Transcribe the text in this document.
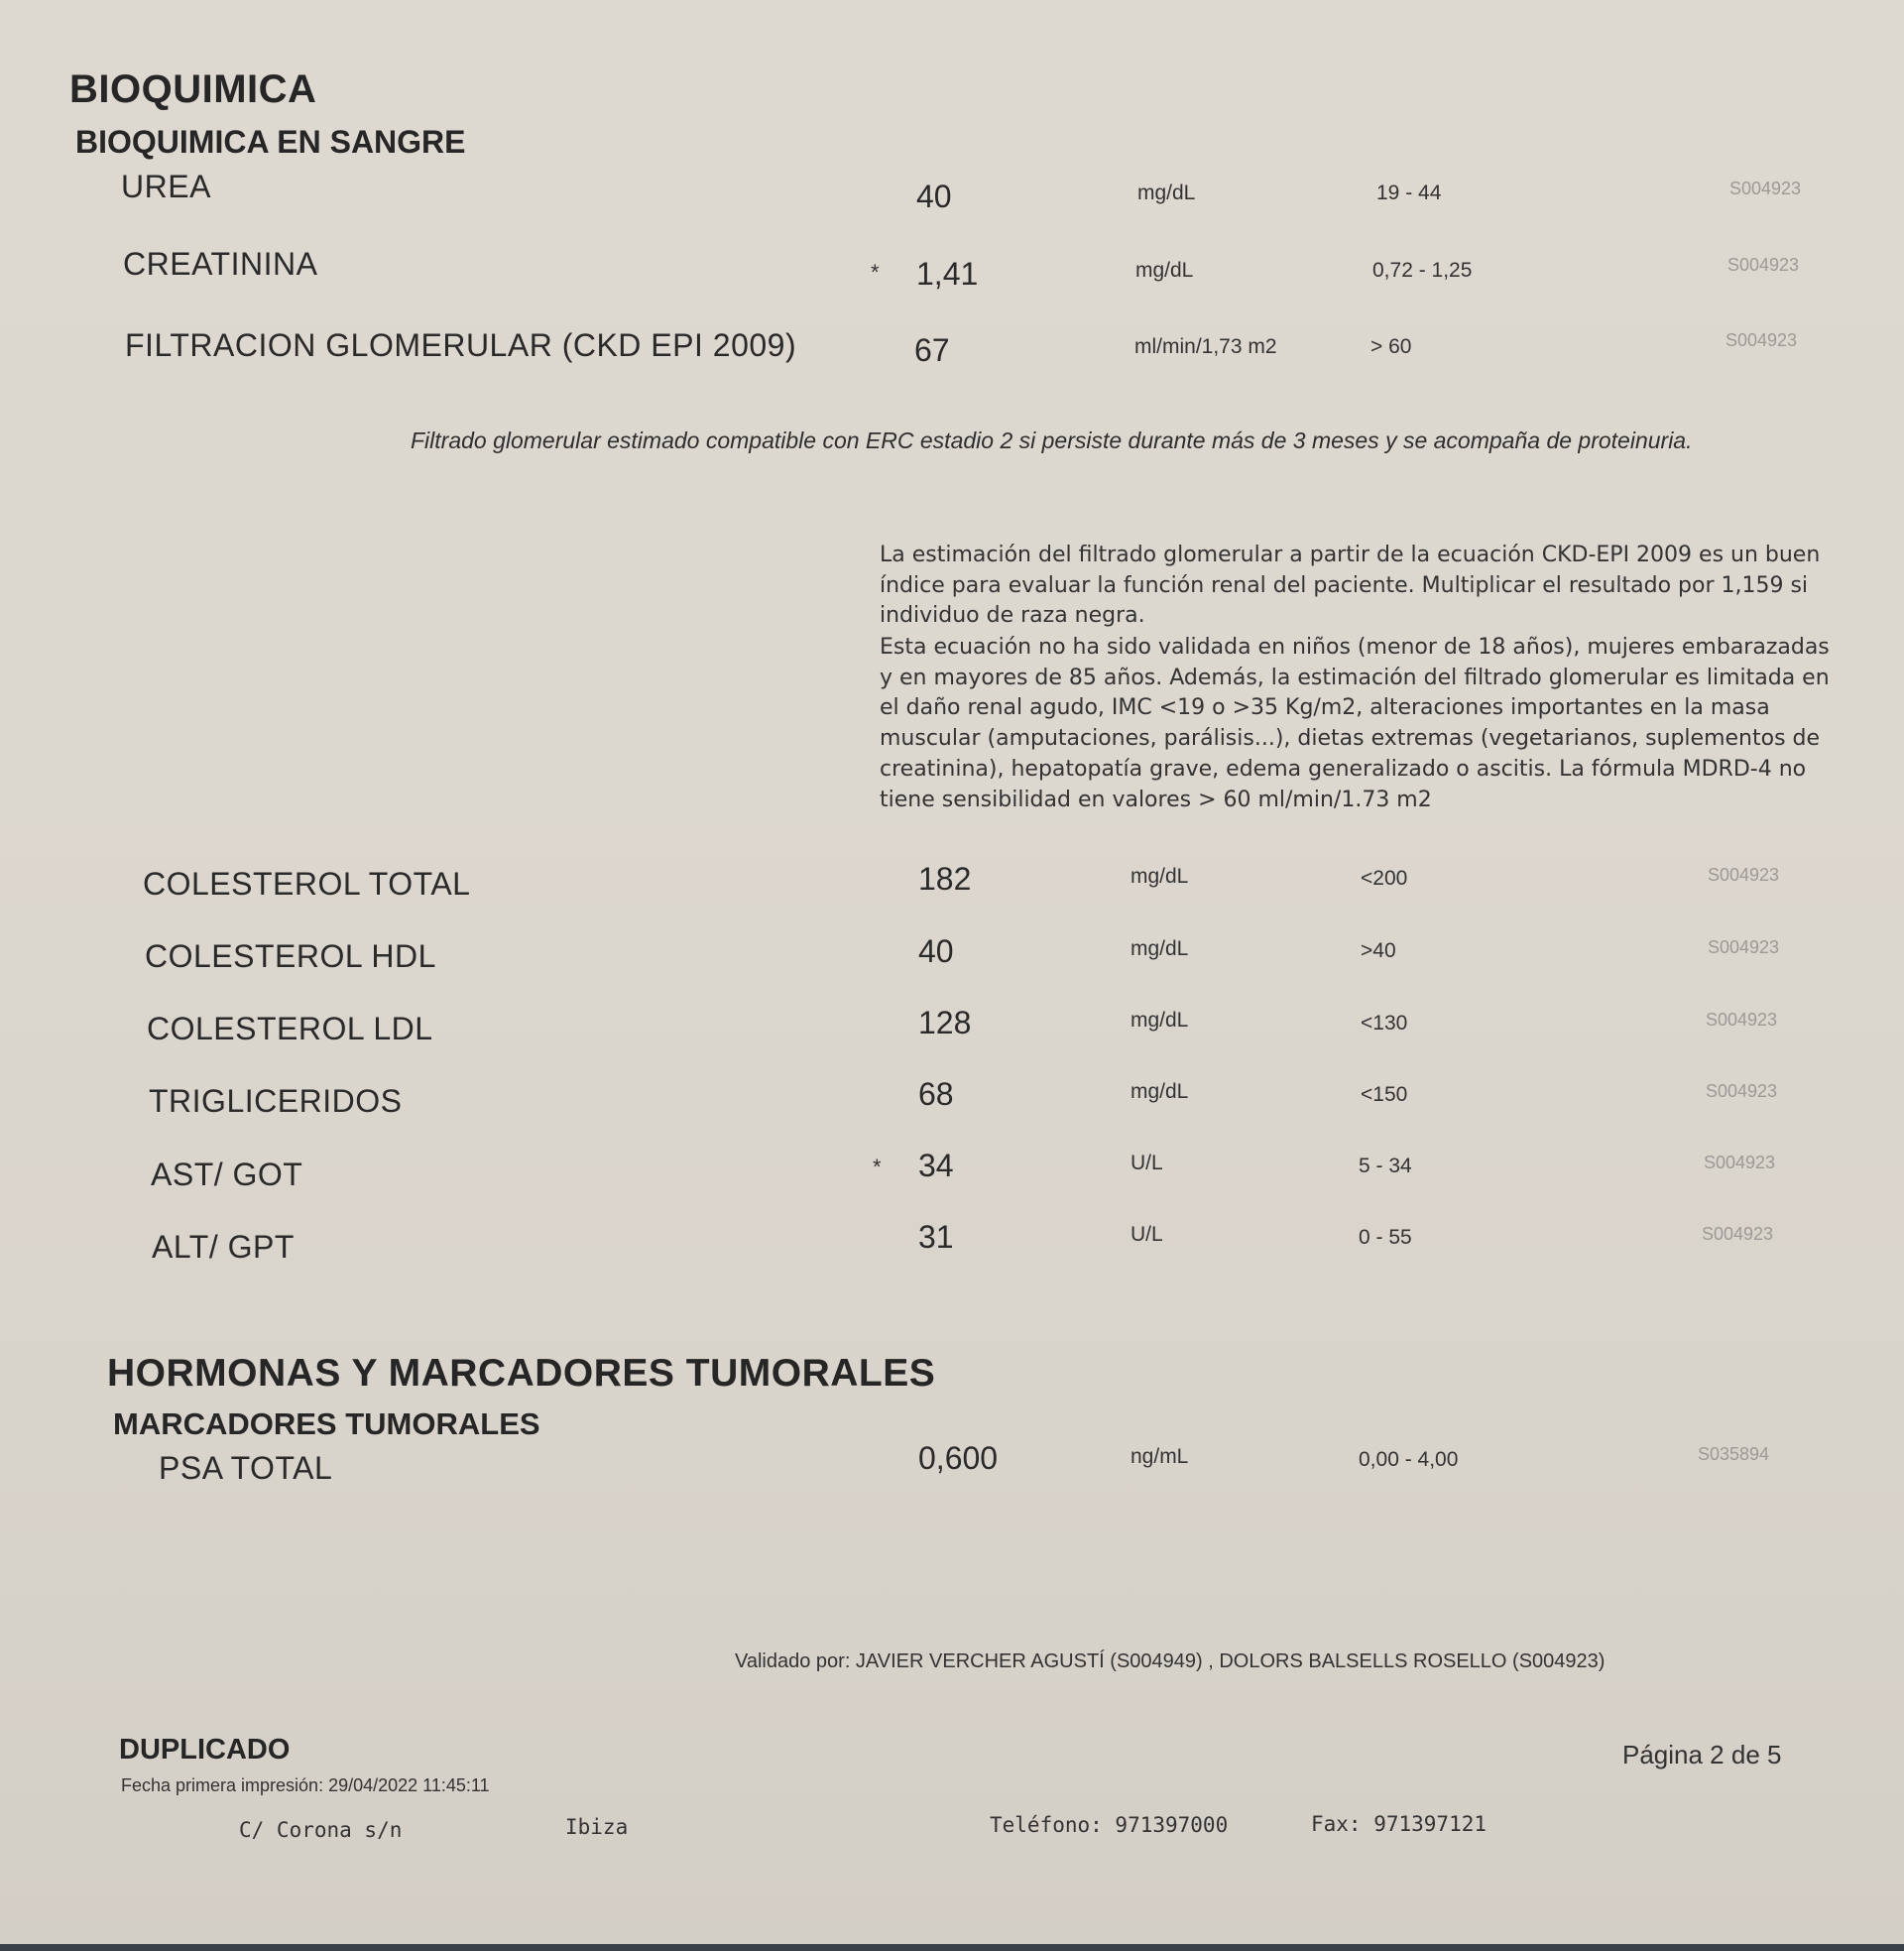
BIOQUIMICA
BIOQUIMICA EN SANGRE
UREA	40	mg/dL	19 - 44	S004923
CREATININA	* 1,41	mg/dL	0,72 - 1,25	S004923
FILTRACION GLOMERULAR (CKD EPI 2009)	67	ml/min/1,73 m2	> 60	S004923
Filtrado glomerular estimado compatible con ERC estadio 2 si persiste durante más de 3 meses y se acompaña de proteinuria.
La estimación del filtrado glomerular a partir de la ecuación CKD-EPI 2009 es un buen índice para evaluar la función renal del paciente. Multiplicar el resultado por 1,159 si individuo de raza negra.
Esta ecuación no ha sido validada en niños (menor de 18 años), mujeres embarazadas y en mayores de 85 años. Además, la estimación del filtrado glomerular es limitada en el daño renal agudo, IMC <19 o >35 Kg/m2, alteraciones importantes en la masa muscular (amputaciones, parálisis...), dietas extremas (vegetarianos, suplementos de creatinina), hepatopatía grave, edema generalizado o ascitis. La fórmula MDRD-4 no tiene sensibilidad en valores > 60 ml/min/1.73 m2
COLESTEROL TOTAL	182	mg/dL	<200	S004923
COLESTEROL HDL	40	mg/dL	>40	S004923
COLESTEROL LDL	128	mg/dL	<130	S004923
TRIGLICERIDOS	68	mg/dL	<150	S004923
AST/ GOT	* 34	U/L	5 - 34	S004923
ALT/ GPT	31	U/L	0 - 55	S004923
HORMONAS Y MARCADORES TUMORALES
MARCADORES TUMORALES
PSA TOTAL	0,600	ng/mL	0,00 - 4,00	S035894
Validado por: JAVIER VERCHER AGUSTÍ (S004949) , DOLORS BALSELLS ROSELLO (S004923)
DUPLICADO
Fecha primera impresión: 29/04/2022 11:45:11
Página 2 de 5
C/ Corona s/n	Ibiza	Teléfono: 971397000	Fax: 971397121
